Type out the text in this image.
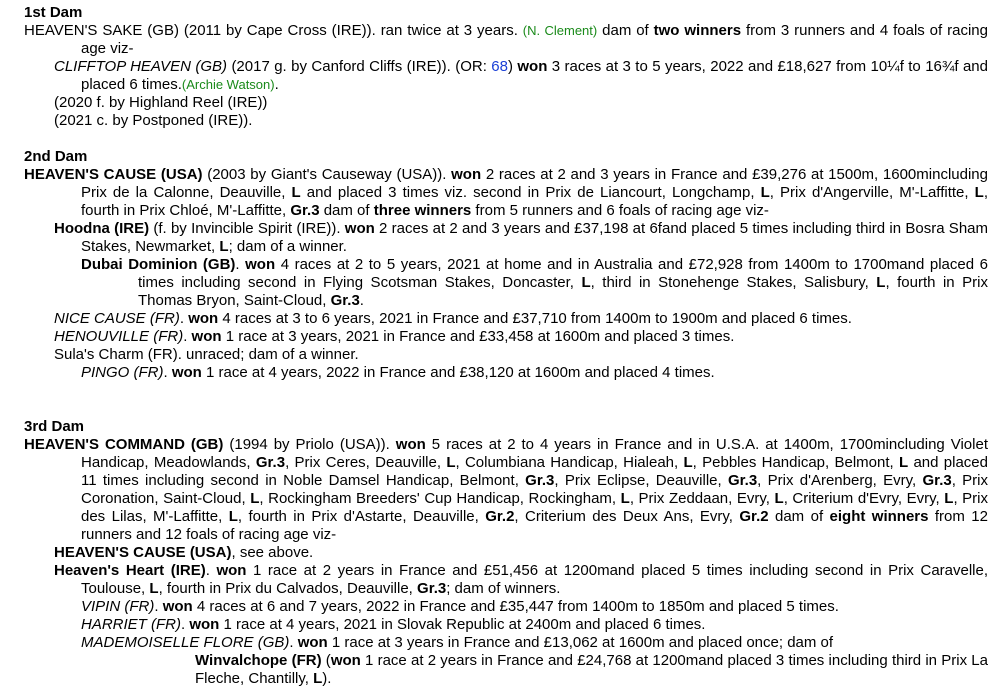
1st Dam
HEAVEN'S SAKE (GB) (2011 by Cape Cross (IRE)). ran twice at 3 years. (N. Clement) dam of two winners from 3 runners and 4 foals of racing age viz-
CLIFFTOP HEAVEN (GB) (2017 g. by Canford Cliffs (IRE)). (OR: 68) won 3 races at 3 to 5 years, 2022 and £18,627 from 10¼f to 16¾f and placed 6 times.(Archie Watson).
(2020 f. by Highland Reel (IRE))
(2021 c. by Postponed (IRE)).
2nd Dam
HEAVEN'S CAUSE (USA) (2003 by Giant's Causeway (USA)). won 2 races at 2 and 3 years in France and £39,276 at 1500m, 1600mincluding Prix de la Calonne, Deauville, L and placed 3 times viz. second in Prix de Liancourt, Longchamp, L, Prix d'Angerville, M'-Laffitte, L, fourth in Prix Chloé, M'-Laffitte, Gr.3 dam of three winners from 5 runners and 6 foals of racing age viz-
Hoodna (IRE) (f. by Invincible Spirit (IRE)). won 2 races at 2 and 3 years and £37,198 at 6fand placed 5 times including third in Bosra Sham Stakes, Newmarket, L; dam of a winner.
Dubai Dominion (GB). won 4 races at 2 to 5 years, 2021 at home and in Australia and £72,928 from 1400m to 1700mand placed 6 times including second in Flying Scotsman Stakes, Doncaster, L, third in Stonehenge Stakes, Salisbury, L, fourth in Prix Thomas Bryon, Saint-Cloud, Gr.3.
NICE CAUSE (FR). won 4 races at 3 to 6 years, 2021 in France and £37,710 from 1400m to 1900m and placed 6 times.
HENOUVILLE (FR). won 1 race at 3 years, 2021 in France and £33,458 at 1600m and placed 3 times.
Sula's Charm (FR). unraced; dam of a winner.
PINGO (FR). won 1 race at 4 years, 2022 in France and £38,120 at 1600m and placed 4 times.
3rd Dam
HEAVEN'S COMMAND (GB) (1994 by Priolo (USA)). won 5 races at 2 to 4 years in France and in U.S.A. at 1400m, 1700mincluding Violet Handicap, Meadowlands, Gr.3, Prix Ceres, Deauville, L, Columbiana Handicap, Hialeah, L, Pebbles Handicap, Belmont, L and placed 11 times including second in Noble Damsel Handicap, Belmont, Gr.3, Prix Eclipse, Deauville, Gr.3, Prix d'Arenberg, Evry, Gr.3, Prix Coronation, Saint-Cloud, L, Rockingham Breeders' Cup Handicap, Rockingham, L, Prix Zeddaan, Evry, L, Criterium d'Evry, Evry, L, Prix des Lilas, M'-Laffitte, L, fourth in Prix d'Astarte, Deauville, Gr.2, Criterium des Deux Ans, Evry, Gr.2 dam of eight winners from 12 runners and 12 foals of racing age viz-
HEAVEN'S CAUSE (USA), see above.
Heaven's Heart (IRE). won 1 race at 2 years in France and £51,456 at 1200mand placed 5 times including second in Prix Caravelle, Toulouse, L, fourth in Prix du Calvados, Deauville, Gr.3; dam of winners.
VIPIN (FR). won 4 races at 6 and 7 years, 2022 in France and £35,447 from 1400m to 1850m and placed 5 times.
HARRIET (FR). won 1 race at 4 years, 2021 in Slovak Republic at 2400m and placed 6 times.
MADEMOISELLE FLORE (GB). won 1 race at 3 years in France and £13,062 at 1600m and placed once; dam of
Winvalchope (FR) (won 1 race at 2 years in France and £24,768 at 1200mand placed 3 times including third in Prix La Fleche, Chantilly, L).
